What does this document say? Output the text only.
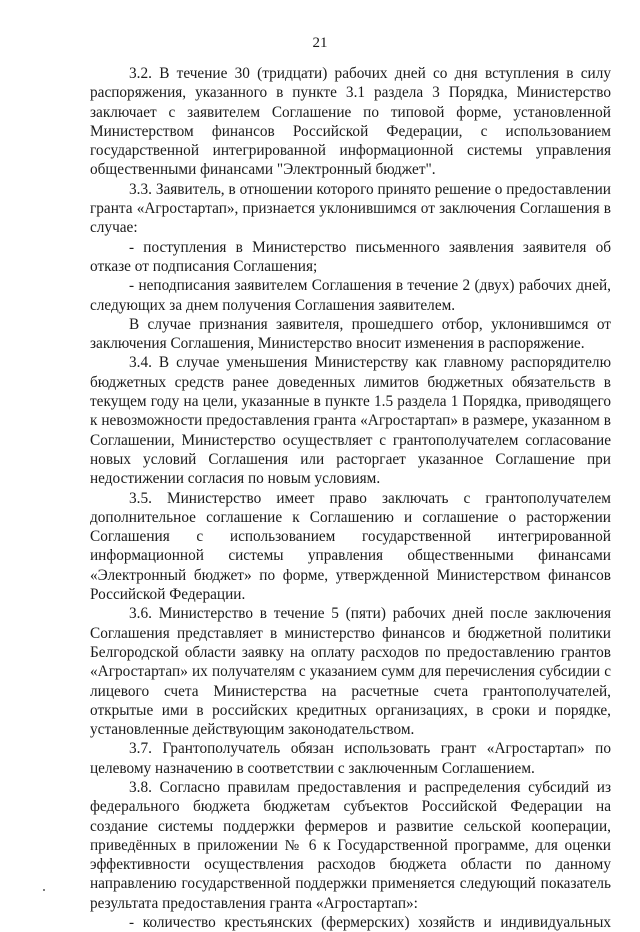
21

3.2. В течение 30 (тридцати) рабочих дней со дня вступления в силу распоряжения, указанного в пункте 3.1 раздела 3 Порядка, Министерство заключает с заявителем Соглашение по типовой форме, установленной Министерством финансов Российской Федерации, с использованием государственной интегрированной информационной системы управления общественными финансами "Электронный бюджет".

3.3. Заявитель, в отношении которого принято решение о предоставлении гранта «Агростартап», признается уклонившимся от заключения Соглашения в случае:

- поступления в Министерство письменного заявления заявителя об отказе от подписания Соглашения;

- неподписания заявителем Соглашения в течение 2 (двух) рабочих дней, следующих за днем получения Соглашения заявителем.

В случае признания заявителя, прошедшего отбор, уклонившимся от заключения Соглашения, Министерство вносит изменения в распоряжение.

3.4. В случае уменьшения Министерству как главному распорядителю бюджетных средств ранее доведенных лимитов бюджетных обязательств в текущем году на цели, указанные в пункте 1.5 раздела 1 Порядка, приводящего к невозможности предоставления гранта «Агростартап» в размере, указанном в Соглашении, Министерство осуществляет с грантополучателем согласование новых условий Соглашения или расторгает указанное Соглашение при недостижении согласия по новым условиям.

3.5. Министерство имеет право заключать с грантополучателем дополнительное соглашение к Соглашению и соглашение о расторжении Соглашения с использованием государственной интегрированной информационной системы управления общественными финансами «Электронный бюджет» по форме, утвержденной Министерством финансов Российской Федерации.

3.6. Министерство в течение 5 (пяти) рабочих дней после заключения Соглашения представляет в министерство финансов и бюджетной политики Белгородской области заявку на оплату расходов по предоставлению грантов «Агростартап» их получателям с указанием сумм для перечисления субсидии с лицевого счета Министерства на расчетные счета грантополучателей, открытые ими в российских кредитных организациях, в сроки и порядке, установленные действующим законодательством.

3.7. Грантополучатель обязан использовать грант «Агростартап» по целевому назначению в соответствии с заключенным Соглашением.

3.8. Согласно правилам предоставления и распределения субсидий из федерального бюджета бюджетам субъектов Российской Федерации на создание системы поддержки фермеров и развитие сельской кооперации, приведённых в приложении № 6 к Государственной программе, для оценки эффективности осуществления расходов бюджета области по данному направлению государственной поддержки применяется следующий показатель результата предоставления гранта «Агростартап»:

- количество крестьянских (фермерских) хозяйств и индивидуальных
